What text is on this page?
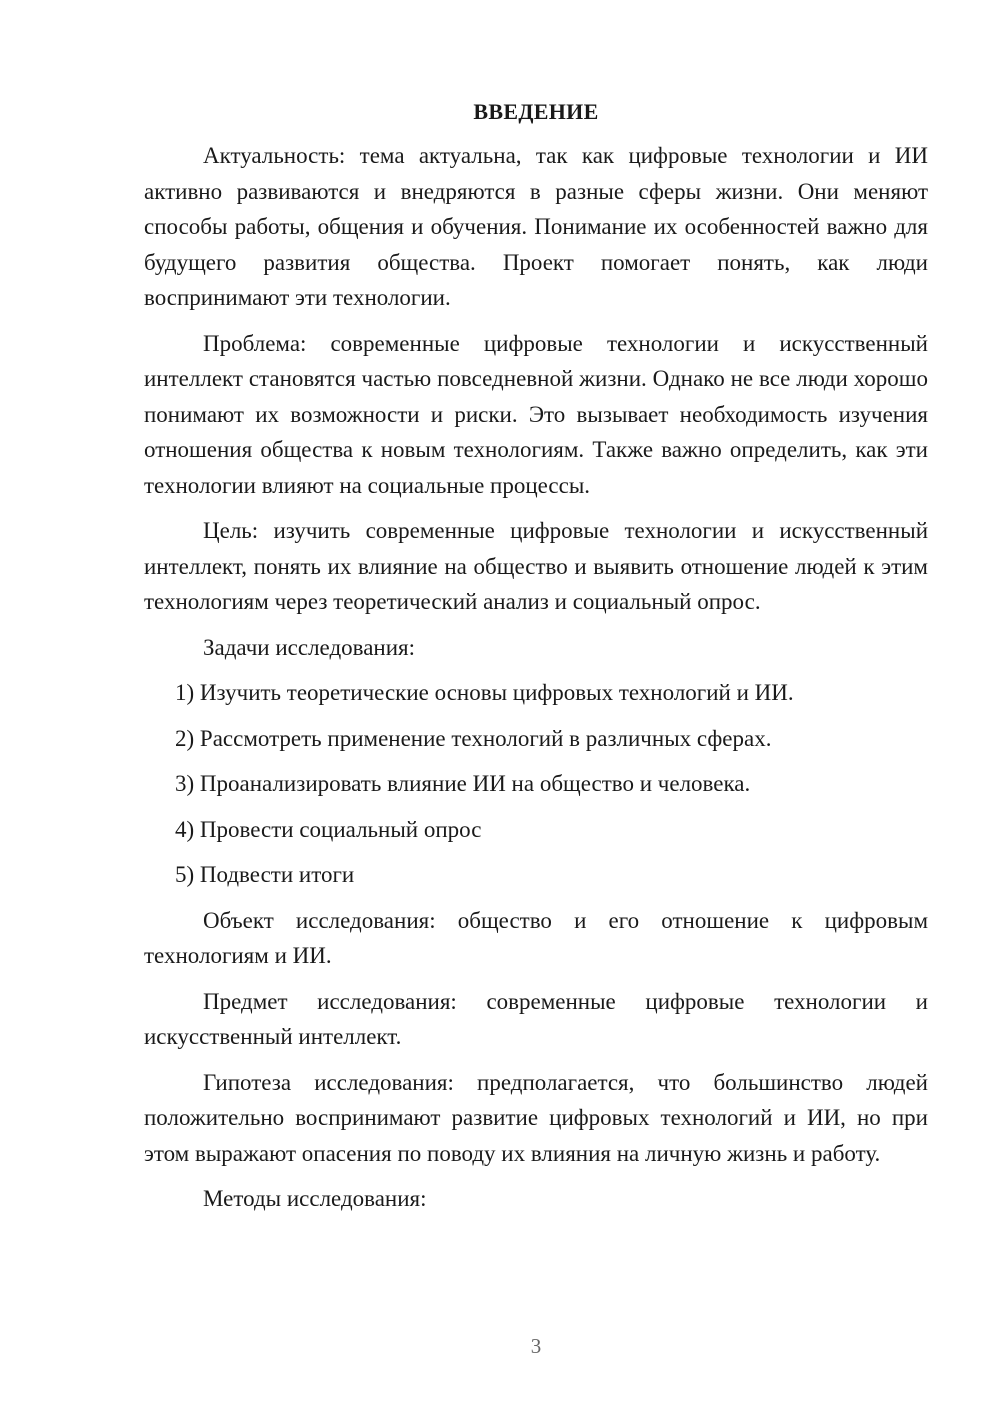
ВВЕДЕНИЕ

Актуальность: тема актуальна, так как цифровые технологии и ИИ активно развиваются и внедряются в разные сферы жизни. Они меняют способы работы, общения и обучения. Понимание их особенностей важно для будущего развития общества. Проект помогает понять, как люди воспринимают эти технологии.

Проблема: современные цифровые технологии и искусственный интеллект становятся частью повседневной жизни. Однако не все люди хорошо понимают их возможности и риски. Это вызывает необходимость изучения отношения общества к новым технологиям. Также важно определить, как эти технологии влияют на социальные процессы.

Цель: изучить современные цифровые технологии и искусственный интеллект, понять их влияние на общество и выявить отношение людей к этим технологиям через теоретический анализ и социальный опрос.

Задачи исследования:

1) Изучить теоретические основы цифровых технологий и ИИ.
2) Рассмотреть применение технологий в различных сферах.
3) Проанализировать влияние ИИ на общество и человека.
4) Провести социальный опрос
5) Подвести итоги

Объект исследования: общество и его отношение к цифровым технологиям и ИИ.

Предмет исследования: современные цифровые технологии и искусственный интеллект.

Гипотеза исследования: предполагается, что большинство людей положительно воспринимают развитие цифровых технологий и ИИ, но при этом выражают опасения по поводу их влияния на личную жизнь и работу.

Методы исследования:

3
